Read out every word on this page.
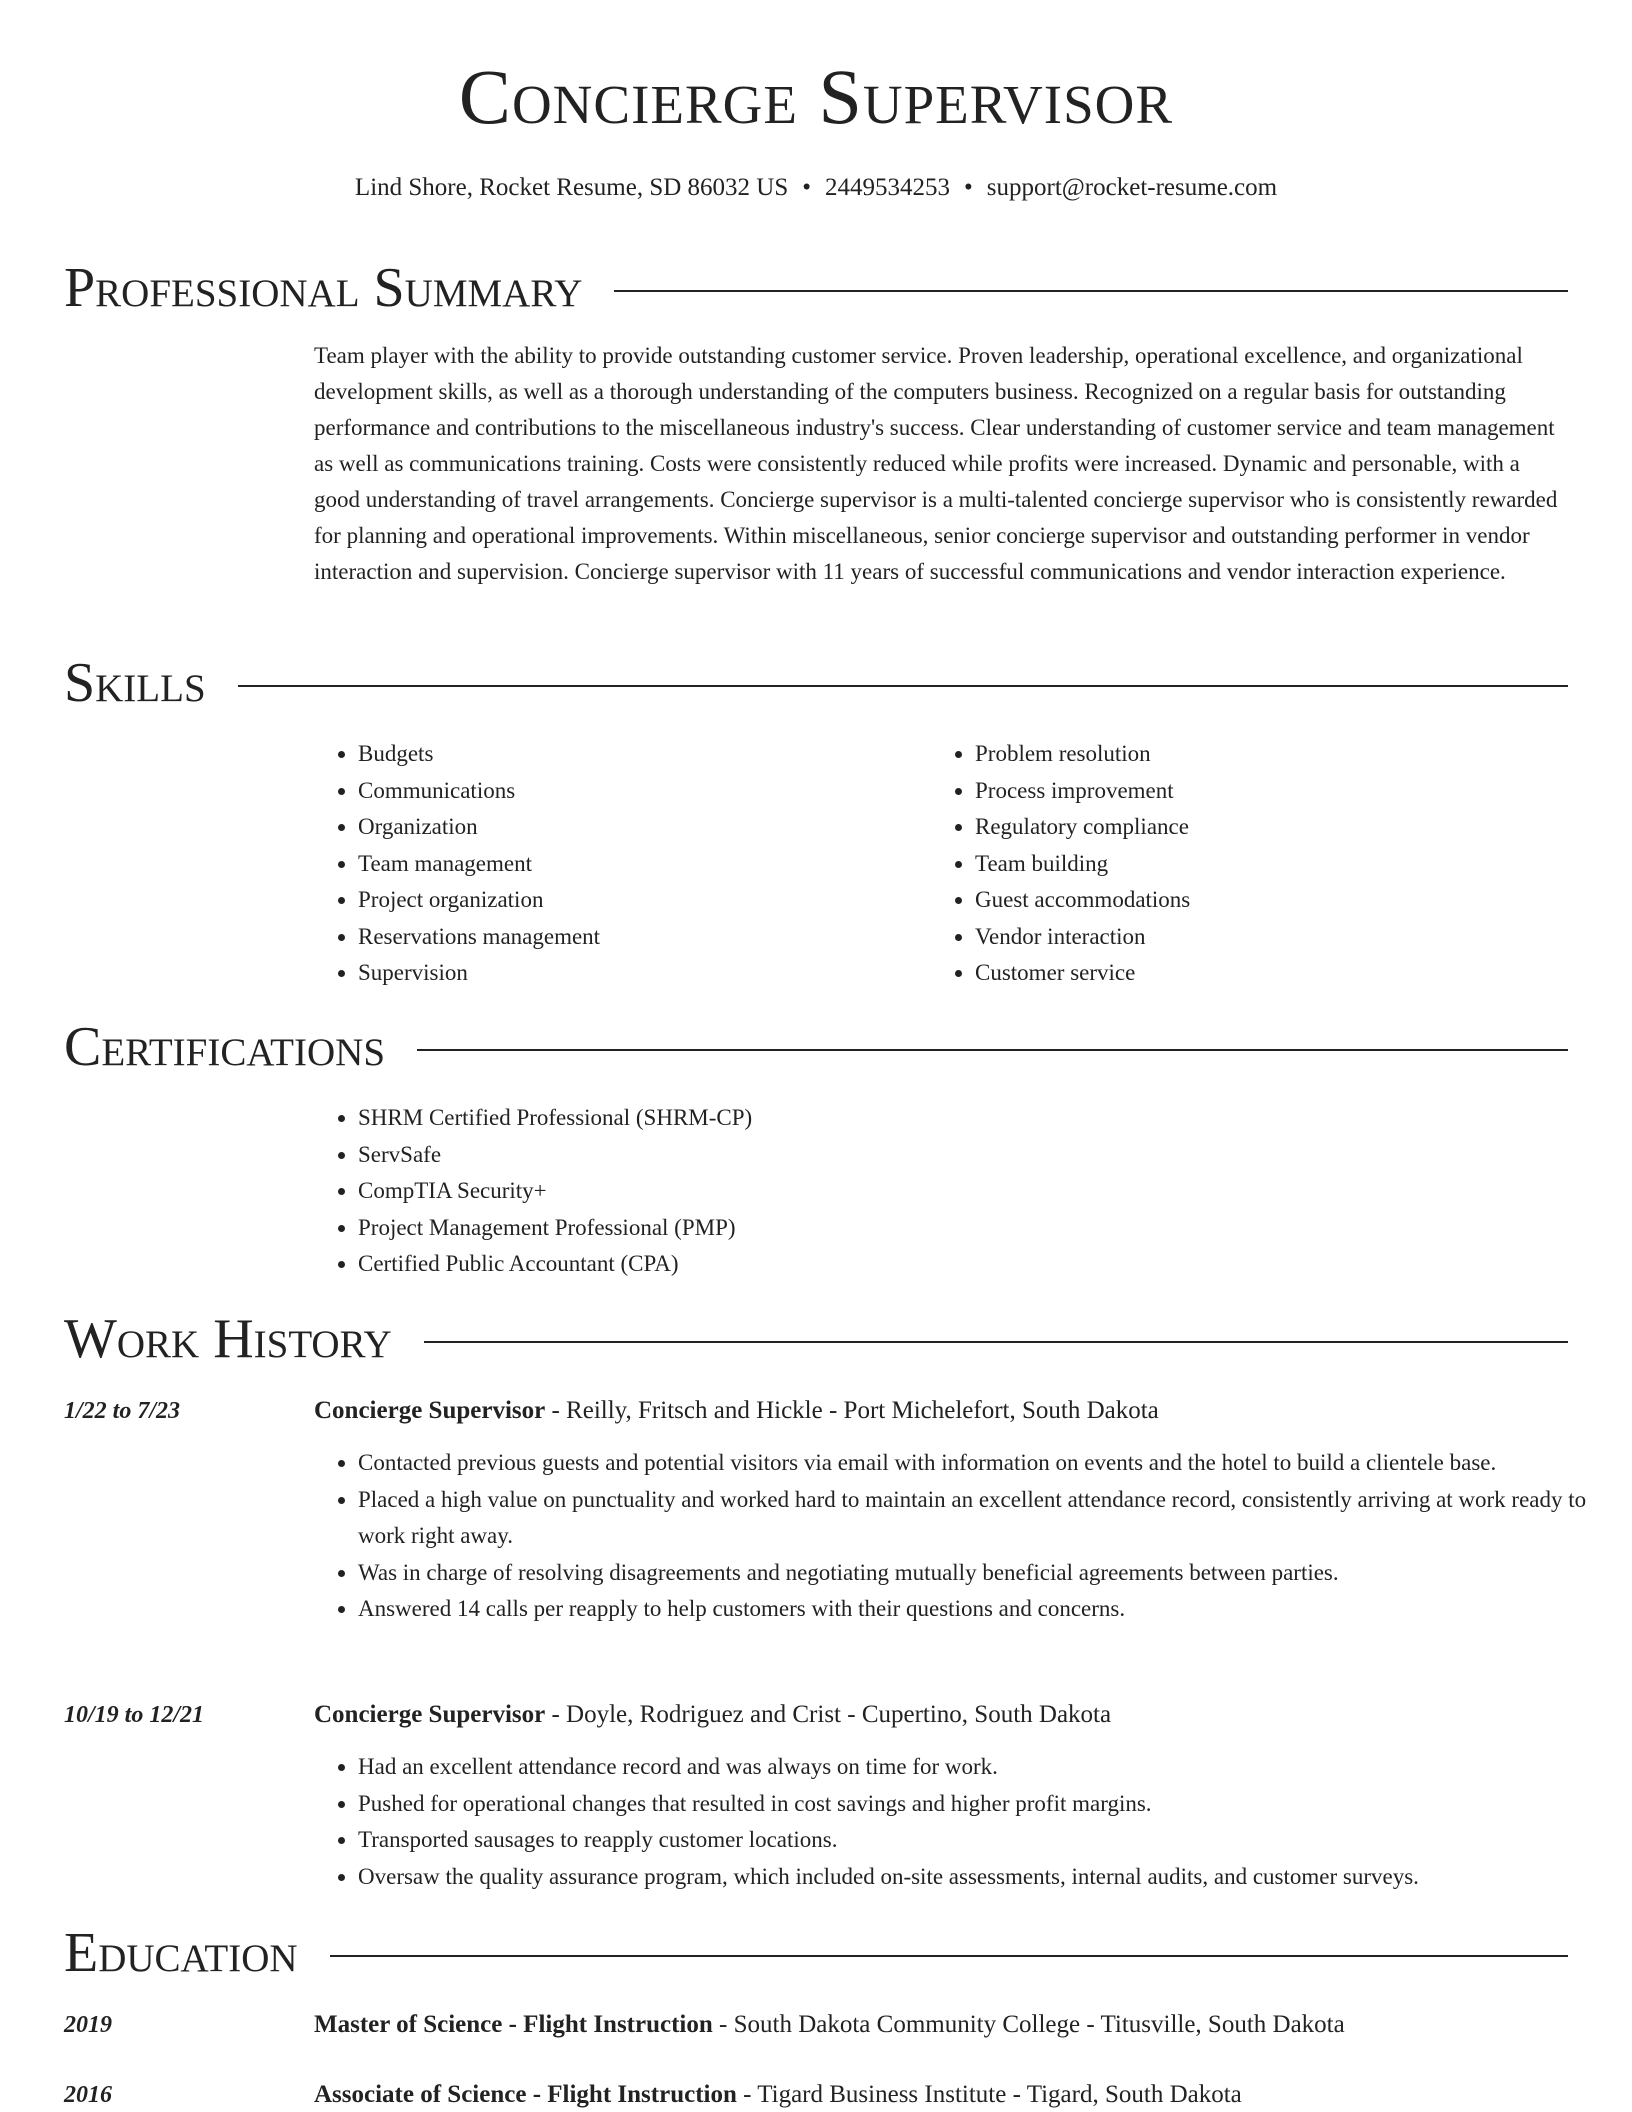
Concierge Supervisor
Lind Shore, Rocket Resume, SD 86032 US • 2449534253 • support@rocket-resume.com
Professional Summary

Team player with the ability to provide outstanding customer service. Proven leadership, operational excellence, and organizational development skills, as well as a thorough understanding of the computers business. Recognized on a regular basis for outstanding performance and contributions to the miscellaneous industry's success. Clear understanding of customer service and team management as well as communications training. Costs were consistently reduced while profits were increased. Dynamic and personable, with a good understanding of travel arrangements. Concierge supervisor is a multi-talented concierge supervisor who is consistently rewarded for planning and operational improvements. Within miscellaneous, senior concierge supervisor and outstanding performer in vendor interaction and supervision. Concierge supervisor with 11 years of successful communications and vendor interaction experience.

Skills
• Budgets
• Communications
• Organization
• Team management
• Project organization
• Reservations management
• Supervision
• Problem resolution
• Process improvement
• Regulatory compliance
• Team building
• Guest accommodations
• Vendor interaction
• Customer service
Certifications
• SHRM Certified Professional (SHRM-CP)
• ServSafe
• CompTIA Security+
• Project Management Professional (PMP)
• Certified Public Accountant (CPA)
Work History
1/22 to 7/23	Concierge Supervisor - Reilly, Fritsch and Hickle - Port Michelefort, South Dakota
• Contacted previous guests and potential visitors via email with information on events and the hotel to build a clientele base.
• Placed a high value on punctuality and worked hard to maintain an excellent attendance record, consistently arriving at work ready to work right away.
• Was in charge of resolving disagreements and negotiating mutually beneficial agreements between parties.
• Answered 14 calls per reapply to help customers with their questions and concerns.
10/19 to 12/21	Concierge Supervisor - Doyle, Rodriguez and Crist - Cupertino, South Dakota
• Had an excellent attendance record and was always on time for work.
• Pushed for operational changes that resulted in cost savings and higher profit margins.
• Transported sausages to reapply customer locations.
• Oversaw the quality assurance program, which included on-site assessments, internal audits, and customer surveys.
Education
2019	Master of Science - Flight Instruction - South Dakota Community College - Titusville, South Dakota
2016	Associate of Science - Flight Instruction - Tigard Business Institute - Tigard, South Dakota
